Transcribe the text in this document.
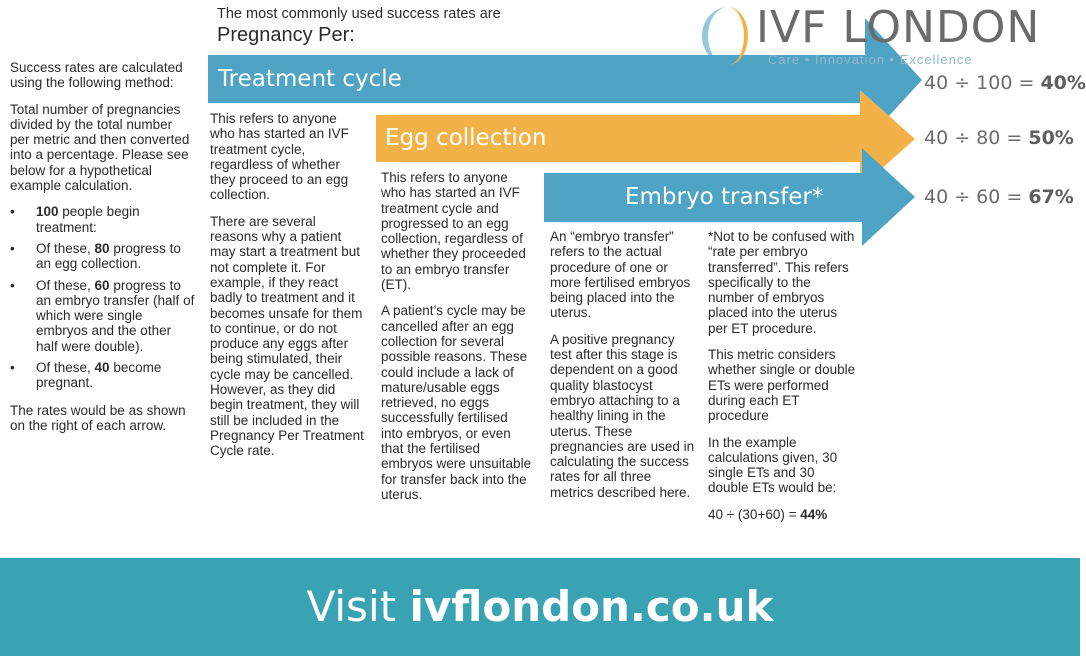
The most commonly used success rates are
Pregnancy Per:	IVF LONDON
Care • Innovation • Excellence
Treatment cycle
Egg collection
Embryo transfer*
40 ÷ 100 = 40%
40 ÷ 80 = 50%
40 ÷ 60 = 67%

Success rates are calculated using the following method:

Total number of pregnancies divided by the total number per metric and then converted into a percentage. Please see below for a hypothetical example calculation.

• 100 people begin treatment:
• Of these, 80 progress to an egg collection.
• Of these, 60 progress to an embryo transfer (half of which were single embryos and the other half were double).
• Of these, 40 become pregnant.

The rates would be as shown on the right of each arrow.

This refers to anyone who has started an IVF treatment cycle, regardless of whether they proceed to an egg collection.

There are several reasons why a patient may start a treatment but not complete it. For example, if they react badly to treatment and it becomes unsafe for them to continue, or do not produce any eggs after being stimulated, their cycle may be cancelled. However, as they did begin treatment, they will still be included in the Pregnancy Per Treatment Cycle rate.

This refers to anyone who has started an IVF treatment cycle and progressed to an egg collection, regardless of whether they proceeded to an embryo transfer (ET).

A patient’s cycle may be cancelled after an egg collection for several possible reasons. These could include a lack of mature/usable eggs retrieved, no eggs successfully fertilised into embryos, or even that the fertilised embryos were unsuitable for transfer back into the uterus.

An “embryo transfer” refers to the actual procedure of one or more fertilised embryos being placed into the uterus.

A positive pregnancy test after this stage is dependent on a good quality blastocyst embryo attaching to a healthy lining in the uterus. These pregnancies are used in calculating the success rates for all three metrics described here.

*Not to be confused with “rate per embryo transferred”. This refers specifically to the number of embryos placed into the uterus per ET procedure.

This metric considers whether single or double ETs were performed during each ET procedure

In the example calculations given, 30 single ETs and 30 double ETs would be:

40 ÷ (30+60) = 44%

Visit ivflondon.co.uk
